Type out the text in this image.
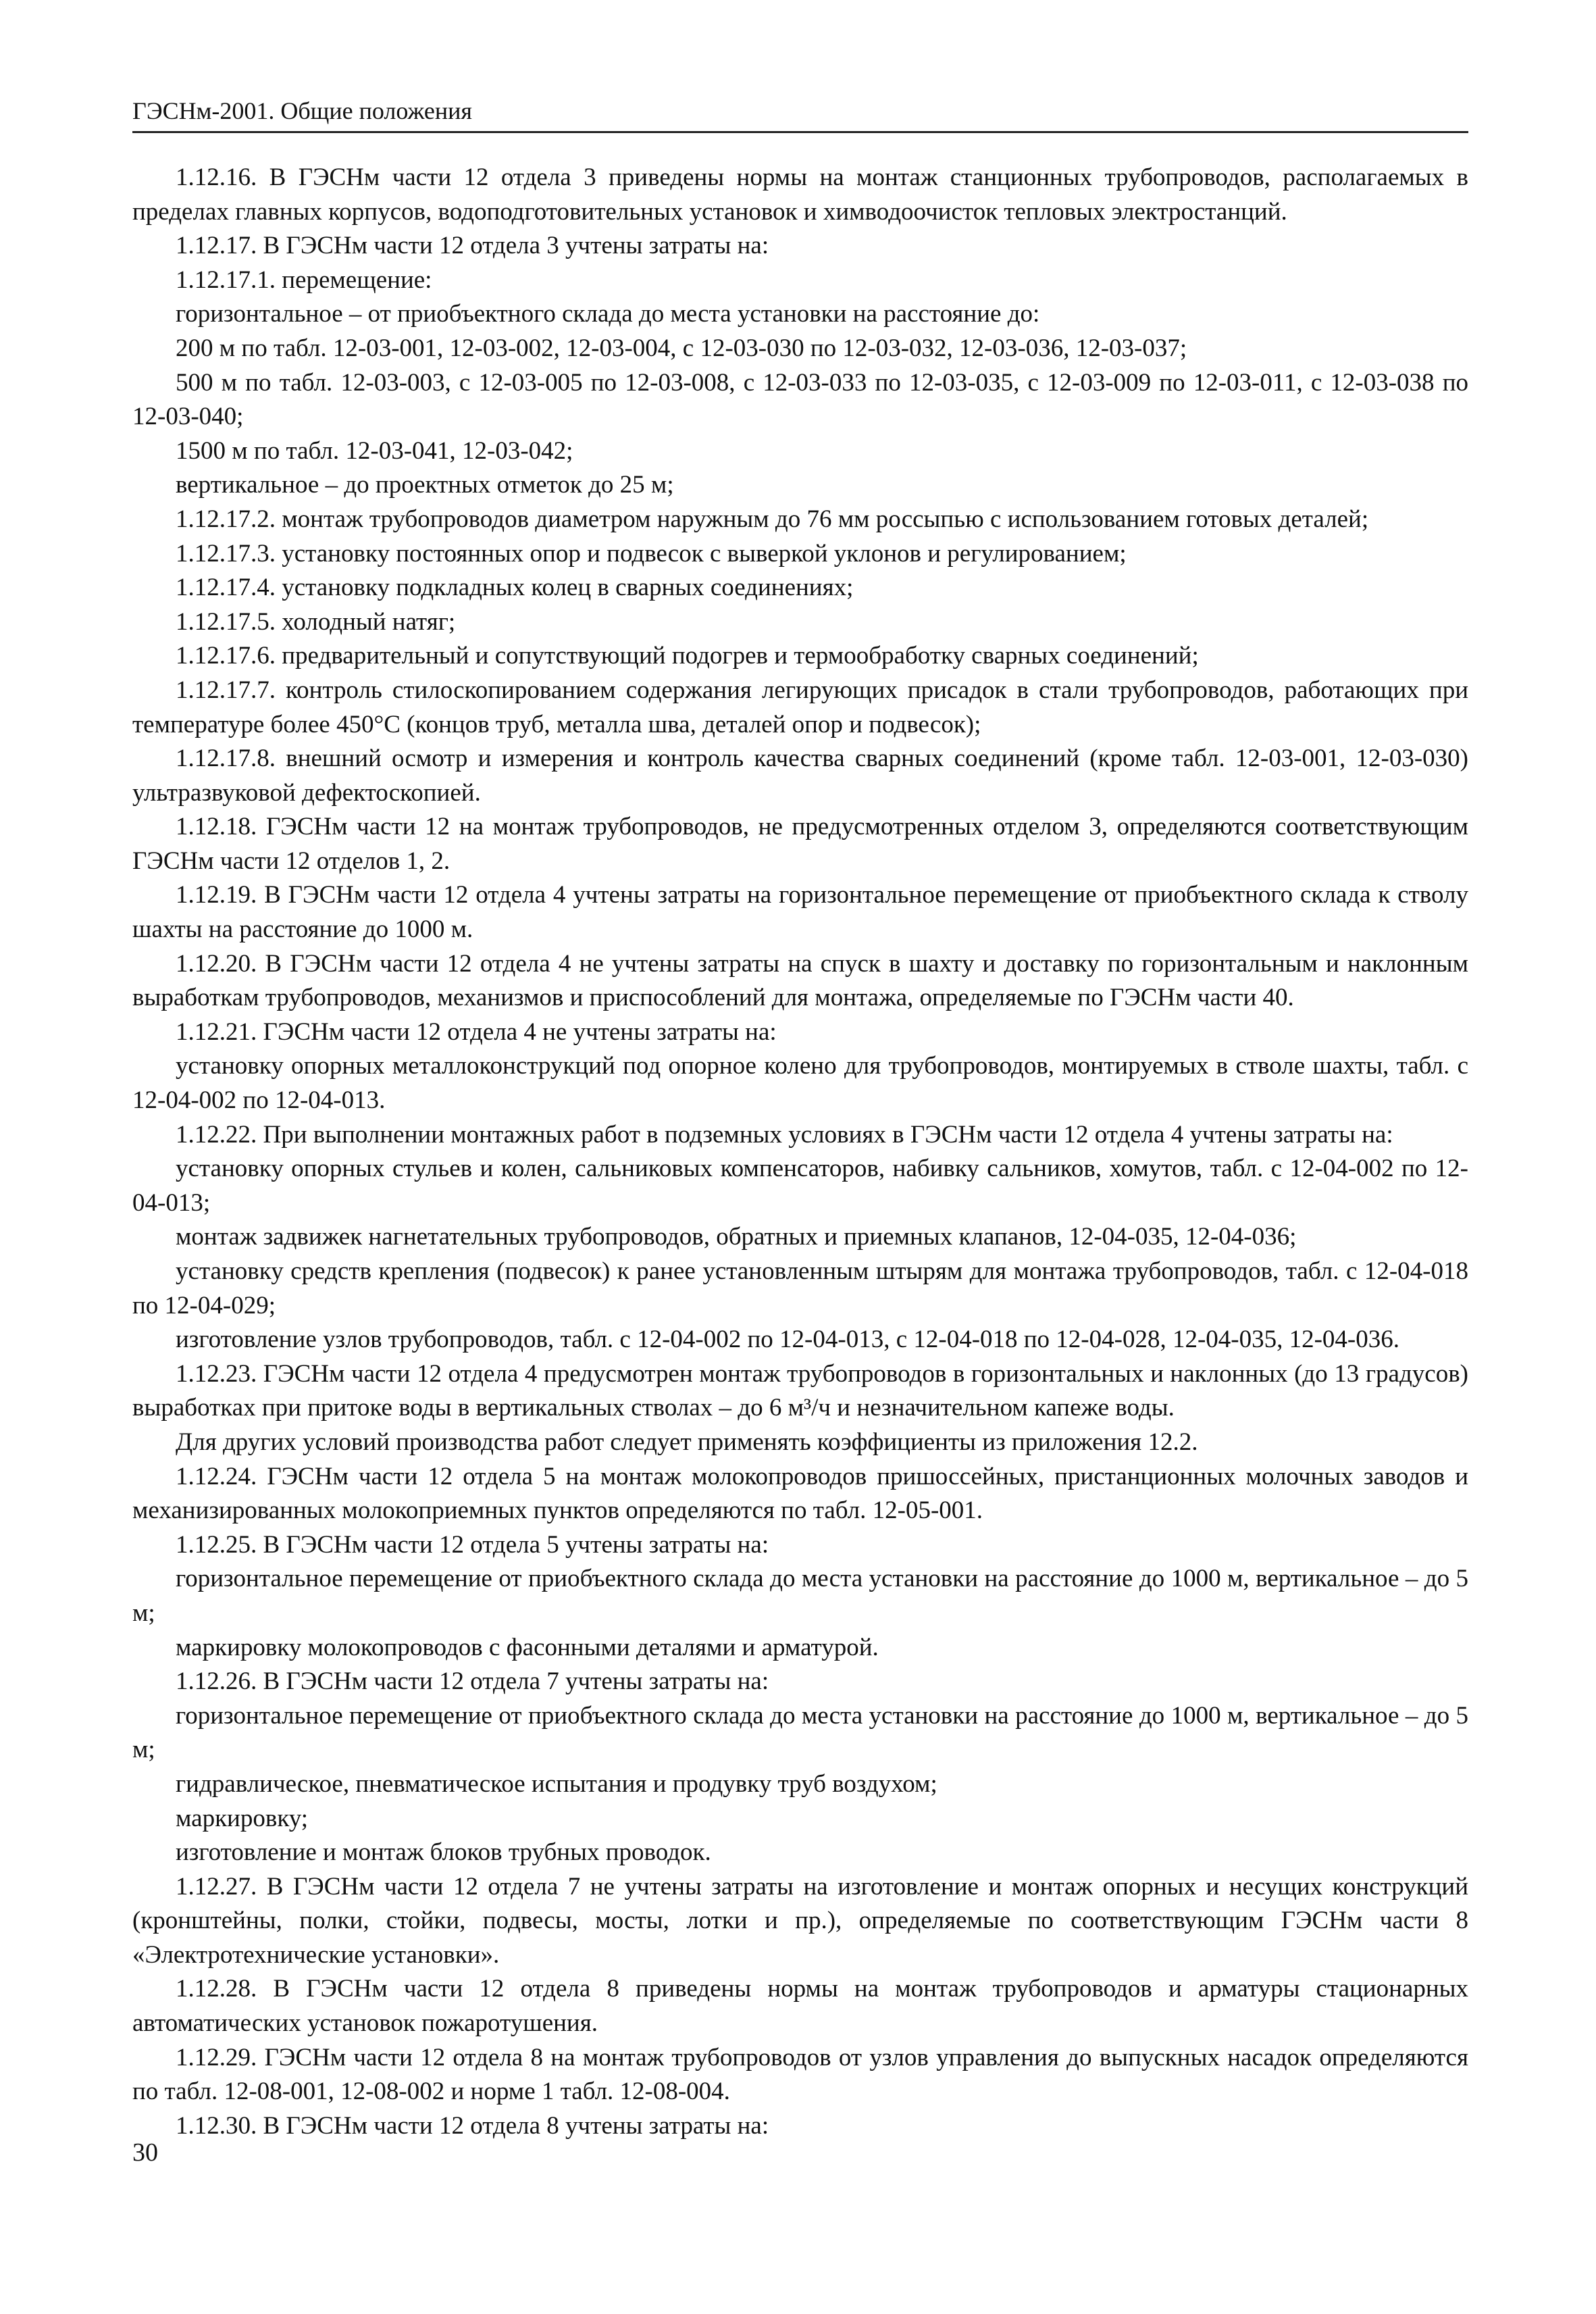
ГЭСНм-2001. Общие положения

1.12.16. В ГЭСНм части 12 отдела 3 приведены нормы на монтаж станционных трубопроводов, располагаемых в пределах главных корпусов, водоподготовительных установок и химводоочисток тепловых электростанций.

1.12.17. В ГЭСНм части 12 отдела 3 учтены затраты на:

1.12.17.1. перемещение:

горизонтальное – от приобъектного склада до места установки на расстояние до:

200 м по табл. 12-03-001, 12-03-002, 12-03-004, с 12-03-030 по 12-03-032, 12-03-036, 12-03-037;

500 м по табл. 12-03-003, с 12-03-005 по 12-03-008, с 12-03-033 по 12-03-035, с 12-03-009 по 12-03-011, с 12-03-038 по 12-03-040;

1500 м по табл. 12-03-041, 12-03-042;

вертикальное – до проектных отметок до 25 м;

1.12.17.2. монтаж трубопроводов диаметром наружным до 76 мм россыпью с использованием готовых деталей;

1.12.17.3. установку постоянных опор и подвесок с выверкой уклонов и регулированием;

1.12.17.4. установку подкладных колец в сварных соединениях;

1.12.17.5. холодный натяг;

1.12.17.6. предварительный и сопутствующий подогрев и термообработку сварных соединений;

1.12.17.7. контроль стилоскопированием содержания легирующих присадок в стали трубопроводов, работающих при температуре более 450°С (концов труб, металла шва, деталей опор и подвесок);

1.12.17.8. внешний осмотр и измерения и контроль качества сварных соединений (кроме табл. 12-03-001, 12-03-030) ультразвуковой дефектоскопией.

1.12.18. ГЭСНм части 12 на монтаж трубопроводов, не предусмотренных отделом 3, определяются соответствующим ГЭСНм части 12 отделов 1, 2.

1.12.19. В ГЭСНм части 12 отдела 4 учтены затраты на горизонтальное перемещение от приобъектного склада к стволу шахты на расстояние до 1000 м.

1.12.20. В ГЭСНм части 12 отдела 4 не учтены затраты на спуск в шахту и доставку по горизонтальным и наклонным выработкам трубопроводов, механизмов и приспособлений для монтажа, определяемые по ГЭСНм части 40.

1.12.21. ГЭСНм части 12 отдела 4 не учтены затраты на:

установку опорных металлоконструкций под опорное колено для трубопроводов, монтируемых в стволе шахты, табл. с 12-04-002 по 12-04-013.

1.12.22. При выполнении монтажных работ в подземных условиях в ГЭСНм части 12 отдела 4 учтены затраты на:

установку опорных стульев и колен, сальниковых компенсаторов, набивку сальников, хомутов, табл. с 12-04-002 по 12-04-013;

монтаж задвижек нагнетательных трубопроводов, обратных и приемных клапанов, 12-04-035, 12-04-036;

установку средств крепления (подвесок) к ранее установленным штырям для монтажа трубопроводов, табл. с 12-04-018 по 12-04-029;

изготовление узлов трубопроводов, табл. с 12-04-002 по 12-04-013, с 12-04-018 по 12-04-028, 12-04-035, 12-04-036.

1.12.23. ГЭСНм части 12 отдела 4 предусмотрен монтаж трубопроводов в горизонтальных и наклонных (до 13 градусов) выработках при притоке воды в вертикальных стволах – до 6 м³/ч и незначительном капеже воды.

Для других условий производства работ следует применять коэффициенты из приложения 12.2.

1.12.24. ГЭСНм части 12 отдела 5 на монтаж молокопроводов пришоссейных, пристанционных молочных заводов и механизированных молокоприемных пунктов определяются по табл. 12-05-001.

1.12.25. В ГЭСНм части 12 отдела 5 учтены затраты на:

горизонтальное перемещение от приобъектного склада до места установки на расстояние до 1000 м, вертикальное – до 5 м;

маркировку молокопроводов с фасонными деталями и арматурой.

1.12.26. В ГЭСНм части 12 отдела 7 учтены затраты на:

горизонтальное перемещение от приобъектного склада до места установки на расстояние до 1000 м, вертикальное – до 5 м;

гидравлическое, пневматическое испытания и продувку труб воздухом;

маркировку;

изготовление и монтаж блоков трубных проводок.

1.12.27. В ГЭСНм части 12 отдела 7 не учтены затраты на изготовление и монтаж опорных и несущих конструкций (кронштейны, полки, стойки, подвесы, мосты, лотки и пр.), определяемые по соответствующим ГЭСНм части 8 «Электротехнические установки».

1.12.28. В ГЭСНм части 12 отдела 8 приведены нормы на монтаж трубопроводов и арматуры стационарных автоматических установок пожаротушения.

1.12.29. ГЭСНм части 12 отдела 8 на монтаж трубопроводов от узлов управления до выпускных насадок определяются по табл. 12-08-001, 12-08-002 и норме 1 табл. 12-08-004.

1.12.30. В ГЭСНм части 12 отдела 8 учтены затраты на:

30
